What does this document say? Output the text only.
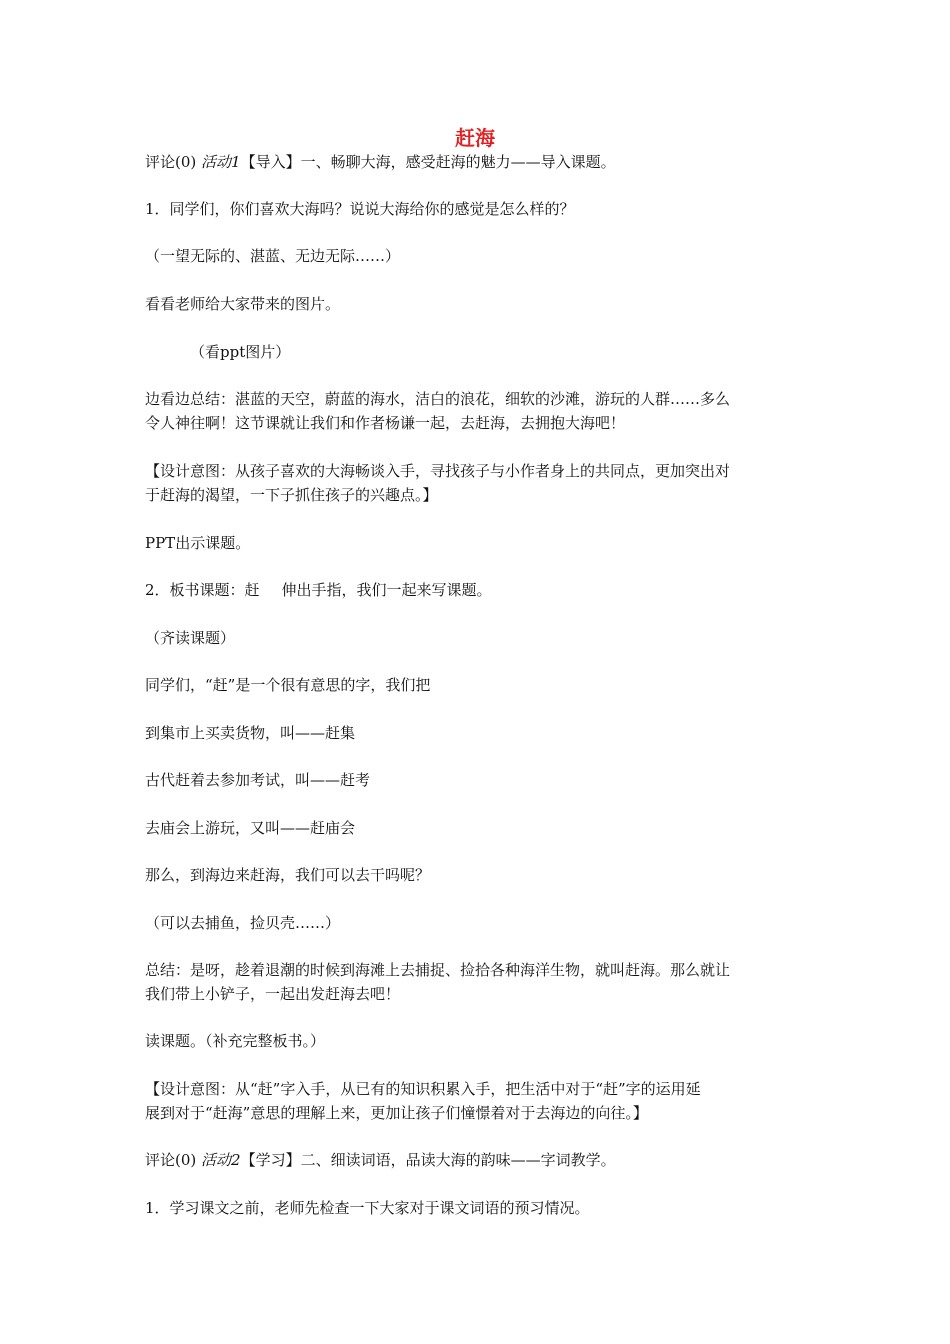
赶海
评论(0) 活动1【导入】一、畅聊大海，感受赶海的魅力——导入课题。
1．同学们，你们喜欢大海吗？说说大海给你的感觉是怎么样的？
（一望无际的、湛蓝、无边无际……）
看看老师给大家带来的图片。
（看ppt图片）
边看边总结：湛蓝的天空，蔚蓝的海水，洁白的浪花，细软的沙滩，游玩的人群……多么
令人神往啊！这节课就让我们和作者杨谦一起，去赶海，去拥抱大海吧！
【设计意图：从孩子喜欢的大海畅谈入手，寻找孩子与小作者身上的共同点，更加突出对
于赶海的渴望，一下子抓住孩子的兴趣点。】
PPT出示课题。
2．板书课题：赶 伸出手指，我们一起来写课题。
（齐读课题）
同学们，“赶”是一个很有意思的字，我们把
到集市上买卖货物，叫——赶集
古代赶着去参加考试，叫——赶考
去庙会上游玩，又叫——赶庙会
那么，到海边来赶海，我们可以去干吗呢？
（可以去捕鱼，捡贝壳……）
总结：是呀，趁着退潮的时候到海滩上去捕捉、捡拾各种海洋生物，就叫赶海。那么就让
我们带上小铲子，一起出发赶海去吧！
读课题。（补充完整板书。）
【设计意图：从“赶”字入手，从已有的知识积累入手，把生活中对于“赶”字的运用延
展到对于“赶海”意思的理解上来，更加让孩子们憧憬着对于去海边的向往。】
评论(0) 活动2【学习】二、细读词语，品读大海的韵味——字词教学。
1．学习课文之前，老师先检查一下大家对于课文词语的预习情况。
